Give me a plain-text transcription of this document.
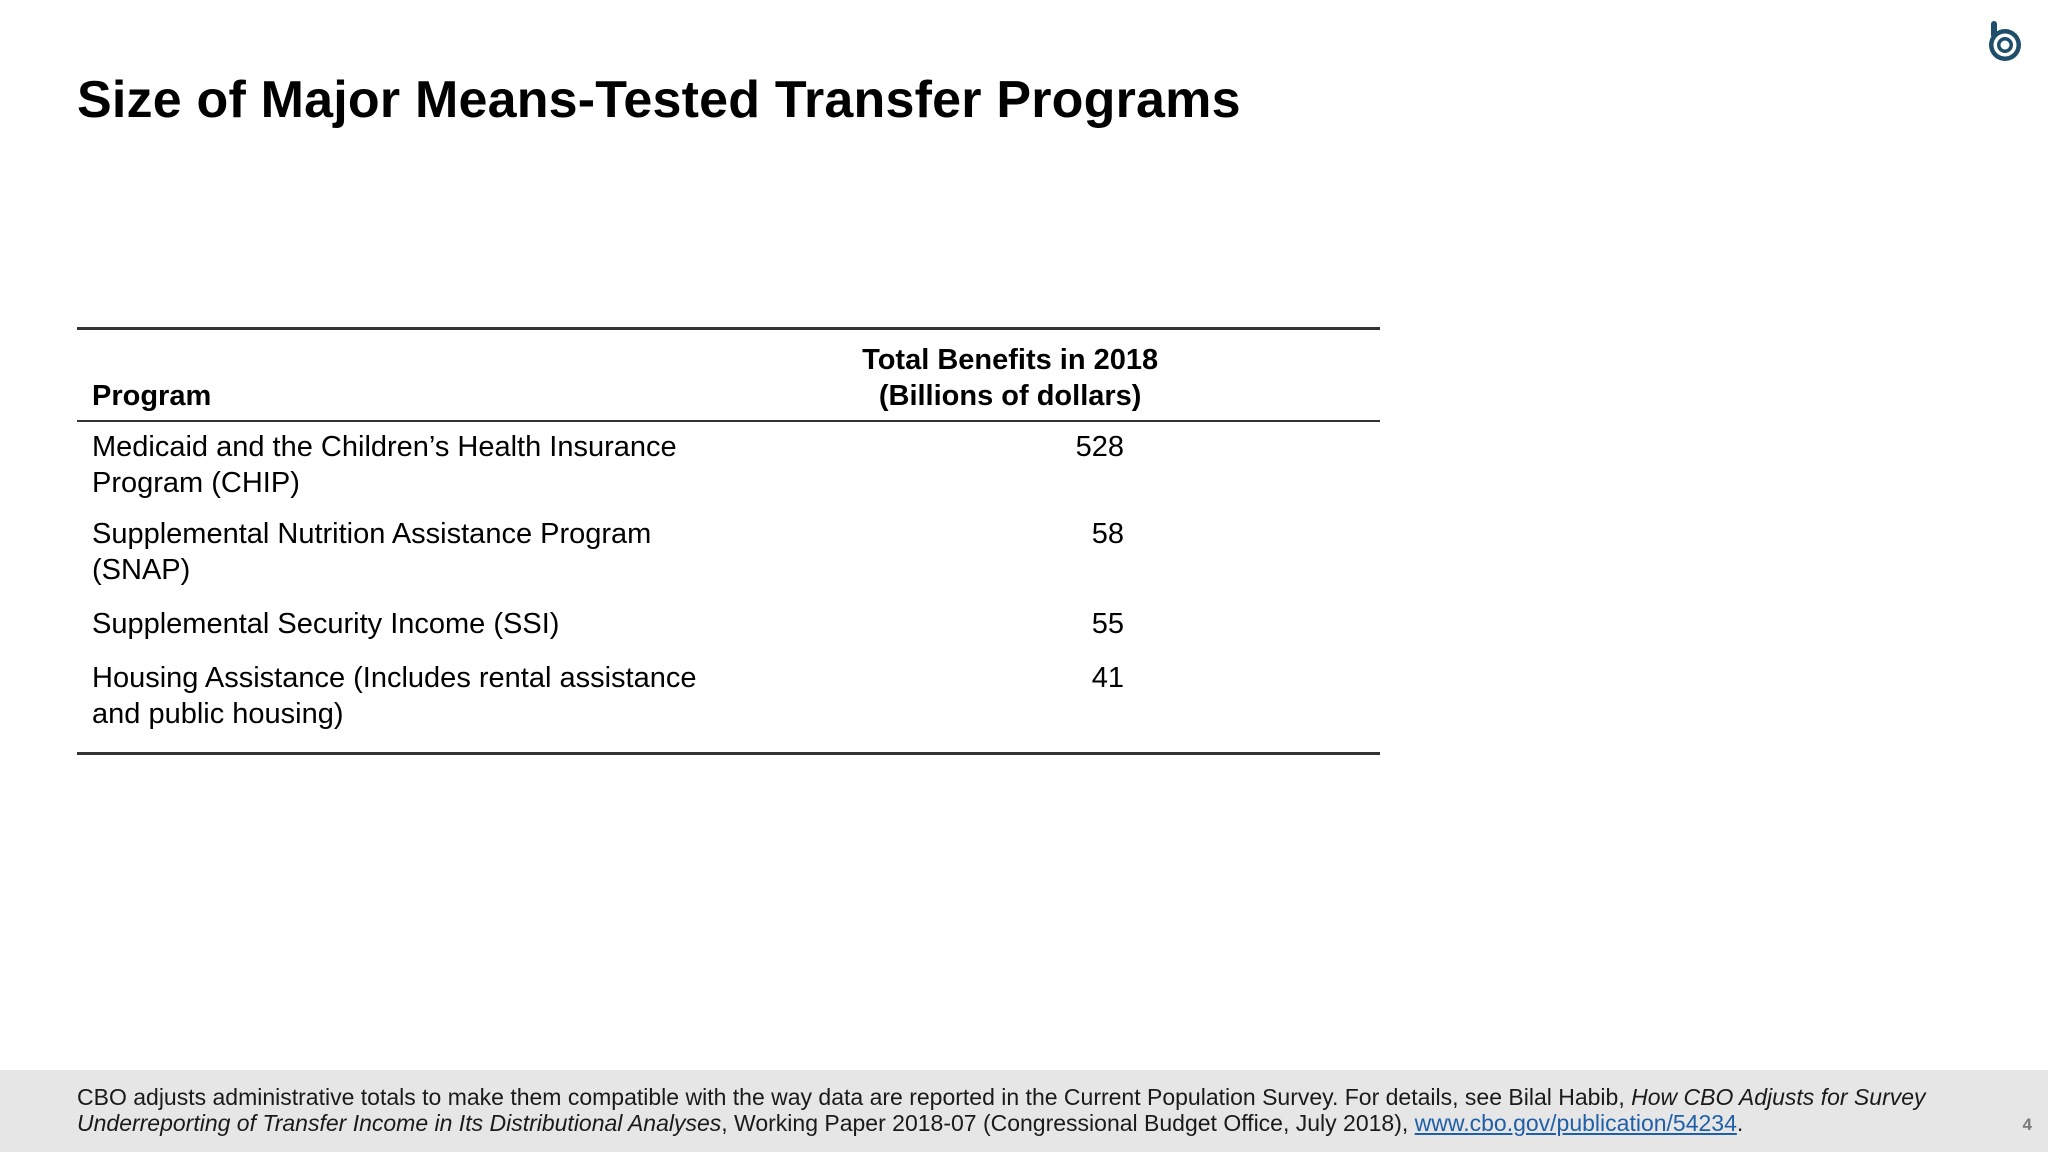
Size of Major Means-Tested Transfer Programs
Program	Total Benefits in 2018
(Billions of dollars)
Medicaid and the Children’s Health Insurance Program (CHIP)	528
Supplemental Nutrition Assistance Program (SNAP)	58
Supplemental Security Income (SSI)	55
Housing Assistance (Includes rental assistance and public housing)	41

CBO adjusts administrative totals to make them compatible with the way data are reported in the Current Population Survey. For details, see Bilal Habib, How CBO Adjusts for Survey Underreporting of Transfer Income in Its Distributional Analyses, Working Paper 2018-07 (Congressional Budget Office, July 2018), www.cbo.gov/publication/54234.	4
